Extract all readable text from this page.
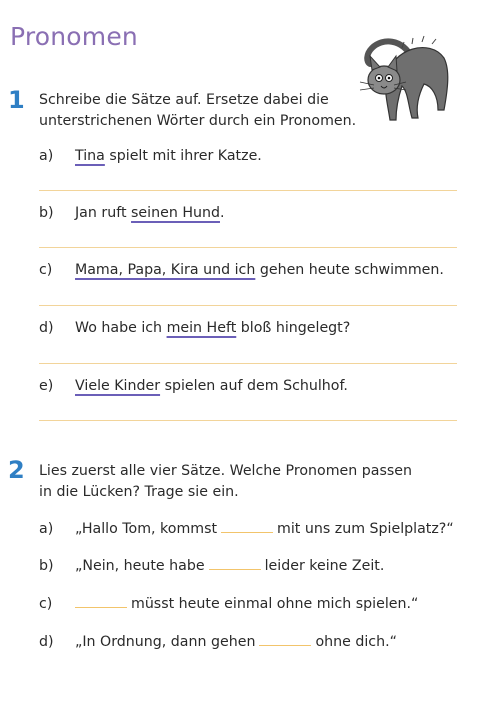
Pronomen
1 Schreibe die Sätze auf. Ersetze dabei die
unterstrichenen Wörter durch ein Pronomen.
a) Tina spielt mit ihrer Katze.
b) Jan ruft seinen Hund.
c) Mama, Papa, Kira und ich gehen heute schwimmen.
d) Wo habe ich mein Heft bloß hingelegt?
e) Viele Kinder spielen auf dem Schulhof.
2 Lies zuerst alle vier Sätze. Welche Pronomen passen
in die Lücken? Trage sie ein.
a) „Hallo Tom, kommst	mit uns zum Spielplatz?“
b) „Nein, heute habe	leider keine Zeit.
c)	müsst heute einmal ohne mich spielen.“
d) „In Ordnung, dann gehen	ohne dich.“
